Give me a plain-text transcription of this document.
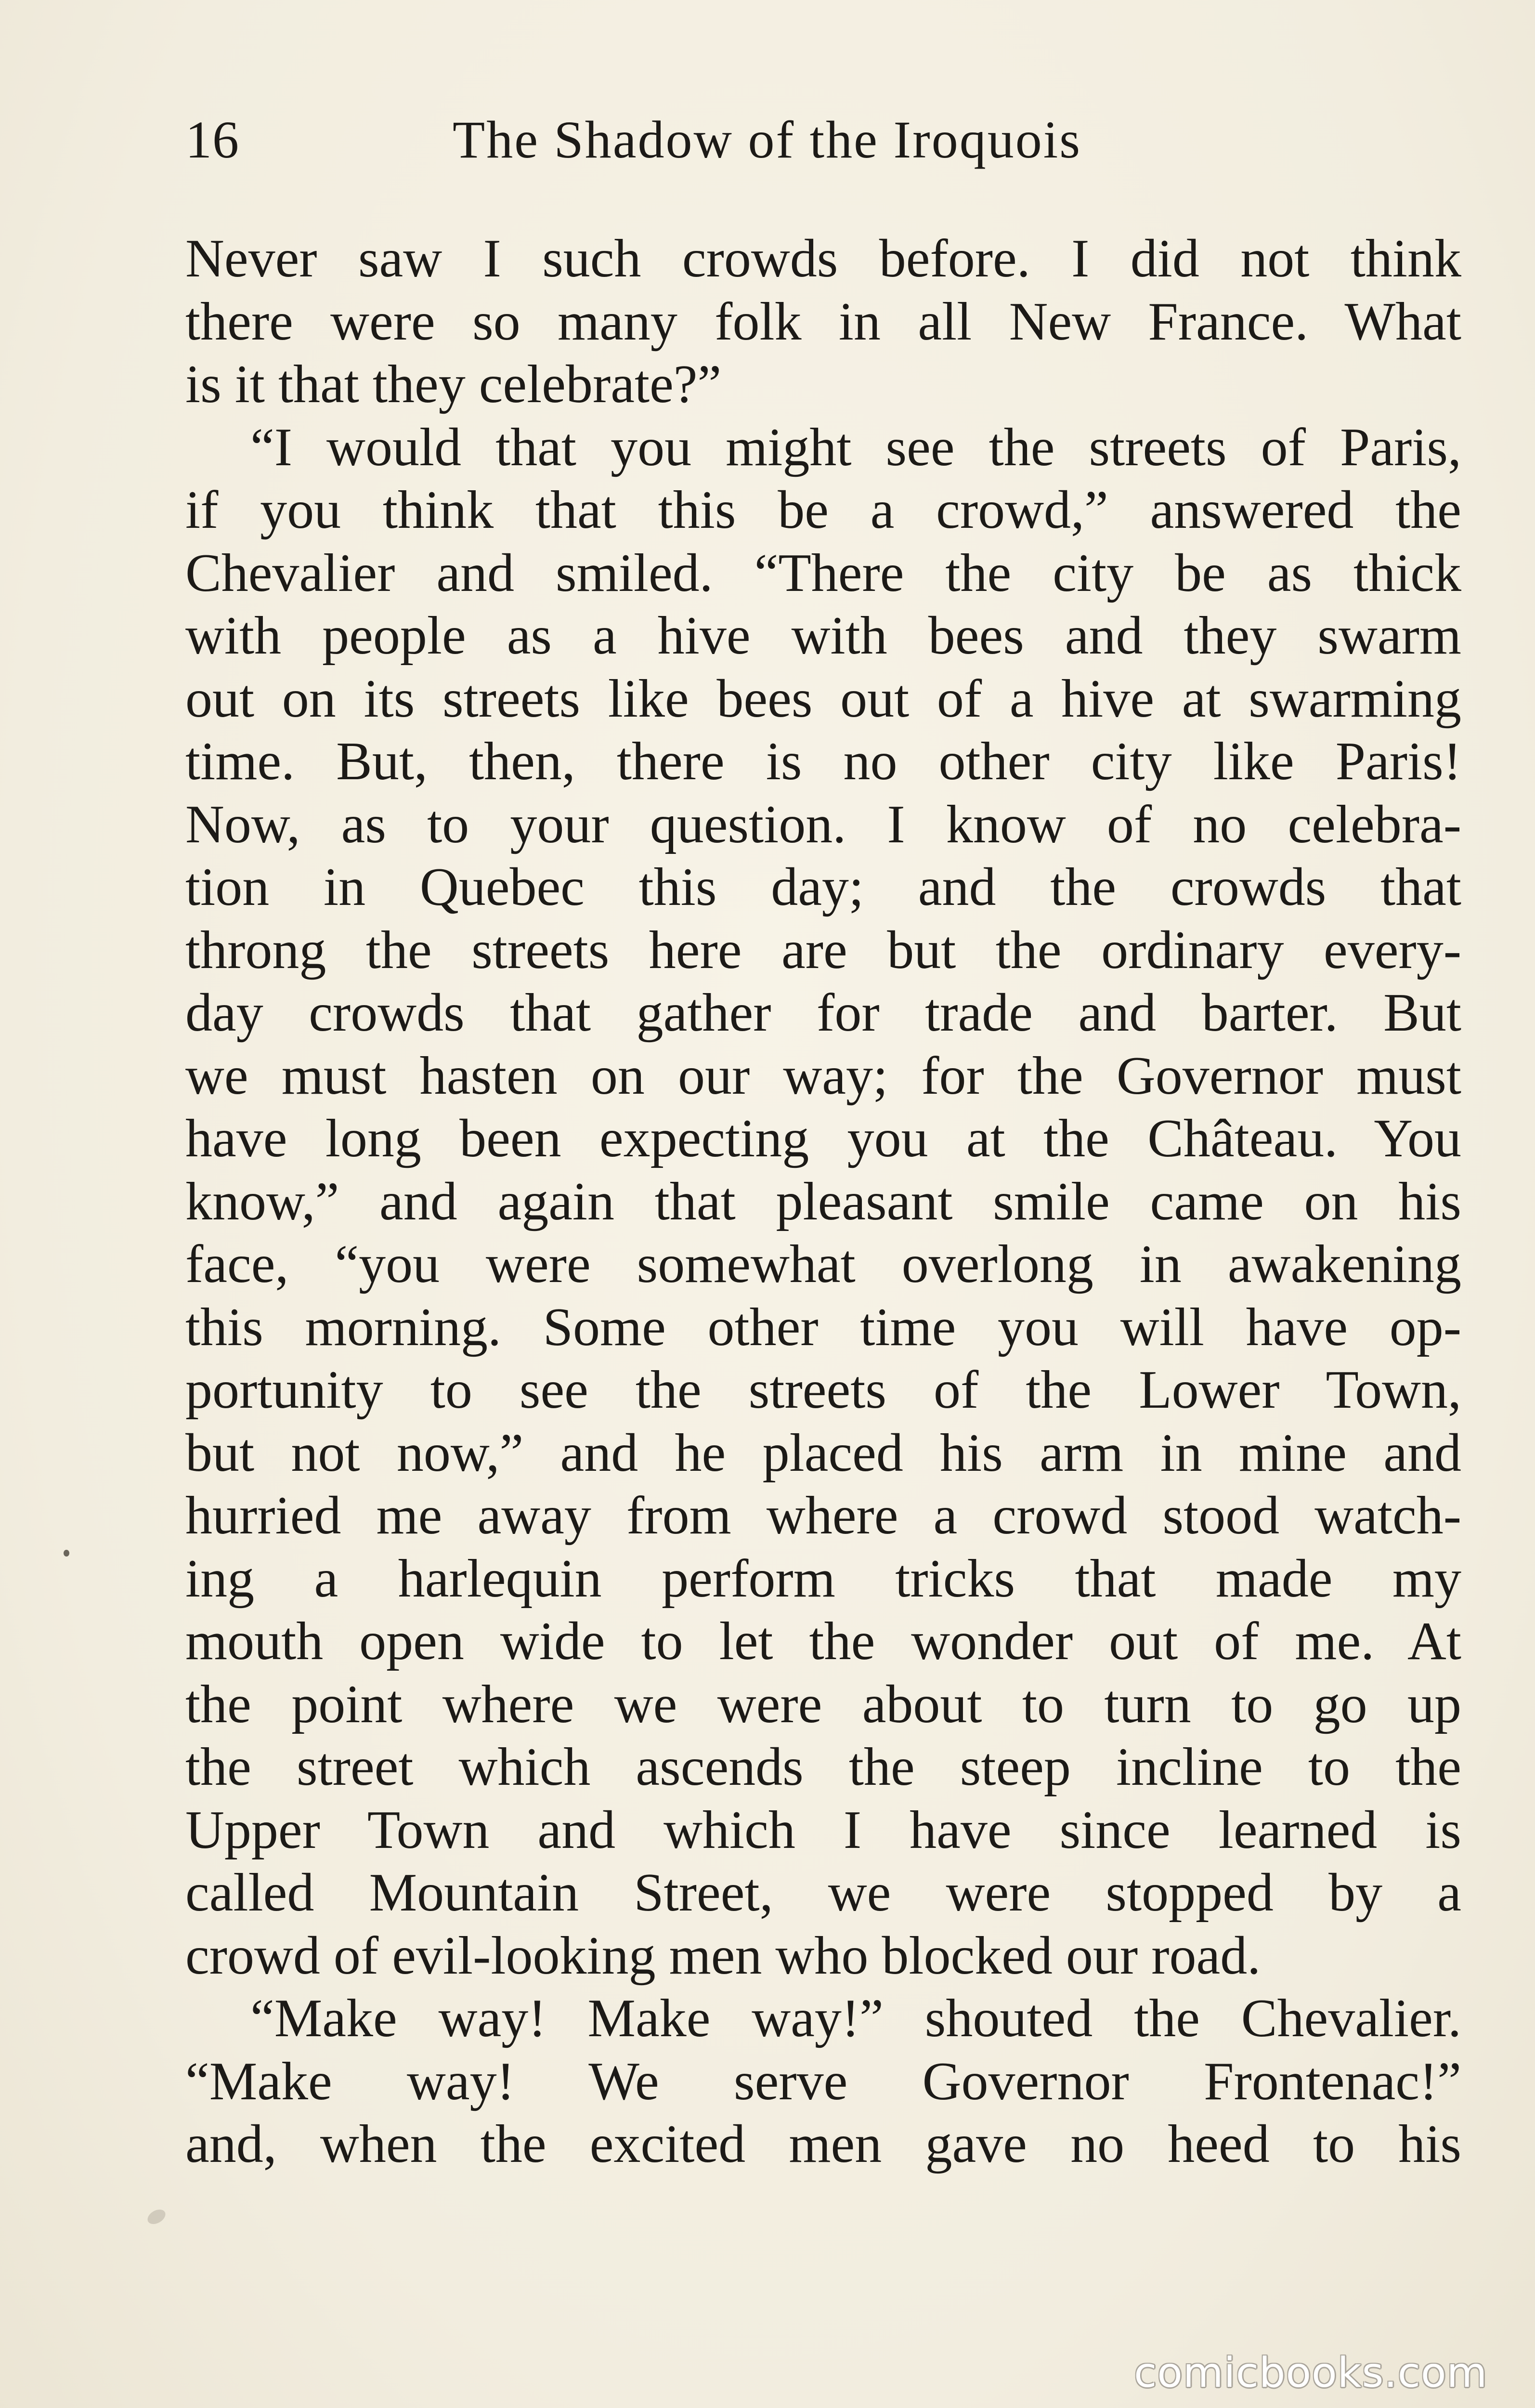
16	The Shadow of the Iroquois
Never saw I such crowds before. I did not think
there were so many folk in all New France. What
is it that they celebrate?”
“I would that you might see the streets of Paris,
if you think that this be a crowd,” answered the
Chevalier and smiled. “There the city be as thick
with people as a hive with bees and they swarm
out on its streets like bees out of a hive at swarming
time. But, then, there is no other city like Paris!
Now, as to your question. I know of no celebra-
tion in Quebec this day; and the crowds that
throng the streets here are but the ordinary every-
day crowds that gather for trade and barter. But
we must hasten on our way; for the Governor must
have long been expecting you at the Château. You
know,” and again that pleasant smile came on his
face, “you were somewhat overlong in awakening
this morning. Some other time you will have op-
portunity to see the streets of the Lower Town,
but not now,” and he placed his arm in mine and
hurried me away from where a crowd stood watch-
ing a harlequin perform tricks that made my
mouth open wide to let the wonder out of me. At
the point where we were about to turn to go up
the street which ascends the steep incline to the
Upper Town and which I have since learned is
called Mountain Street, we were stopped by a
crowd of evil-looking men who blocked our road.
“Make way! Make way!” shouted the Chevalier.
“Make way! We serve Governor Frontenac!”
and, when the excited men gave no heed to his
comicbooks.com
